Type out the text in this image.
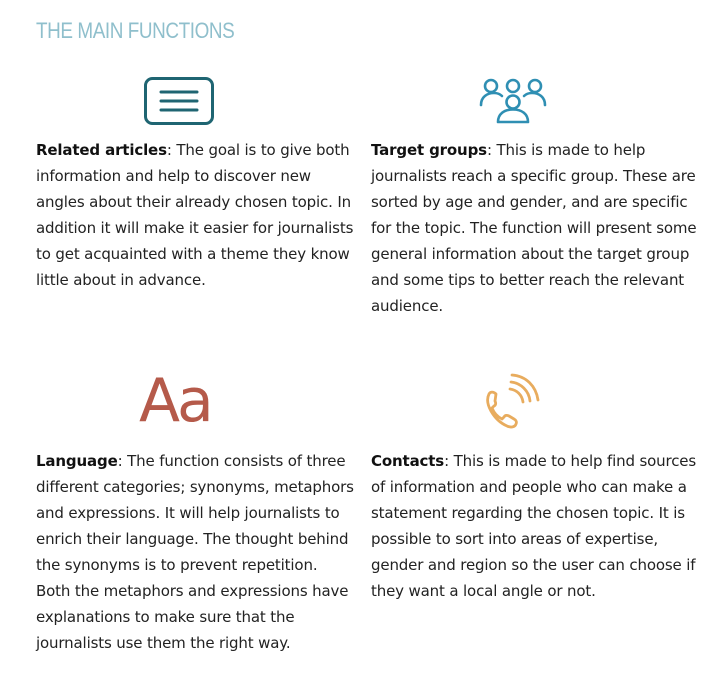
THE MAIN FUNCTIONS
Aa
Related articles: The goal is to give both information and help to discover new angles about their already chosen topic. In addition it will make it easier for journalists to get acquainted with a theme they know little about in advance.
Target groups: This is made to help journalists reach a specific group. These are sorted by age and gender, and are specific for the topic. The function will present some general information about the target group and some tips to better reach the relevant audience.
Language: The function consists of three different categories; synonyms, metaphors and expressions. It will help journalists to enrich their language. The thought behind the synonyms is to prevent repetition. Both the metaphors and expressions have explanations to make sure that the journalists use them the right way.
Contacts: This is made to help find sources of information and people who can make a statement regarding the chosen topic. It is possible to sort into areas of expertise, gender and region so the user can choose if they want a local angle or not.
